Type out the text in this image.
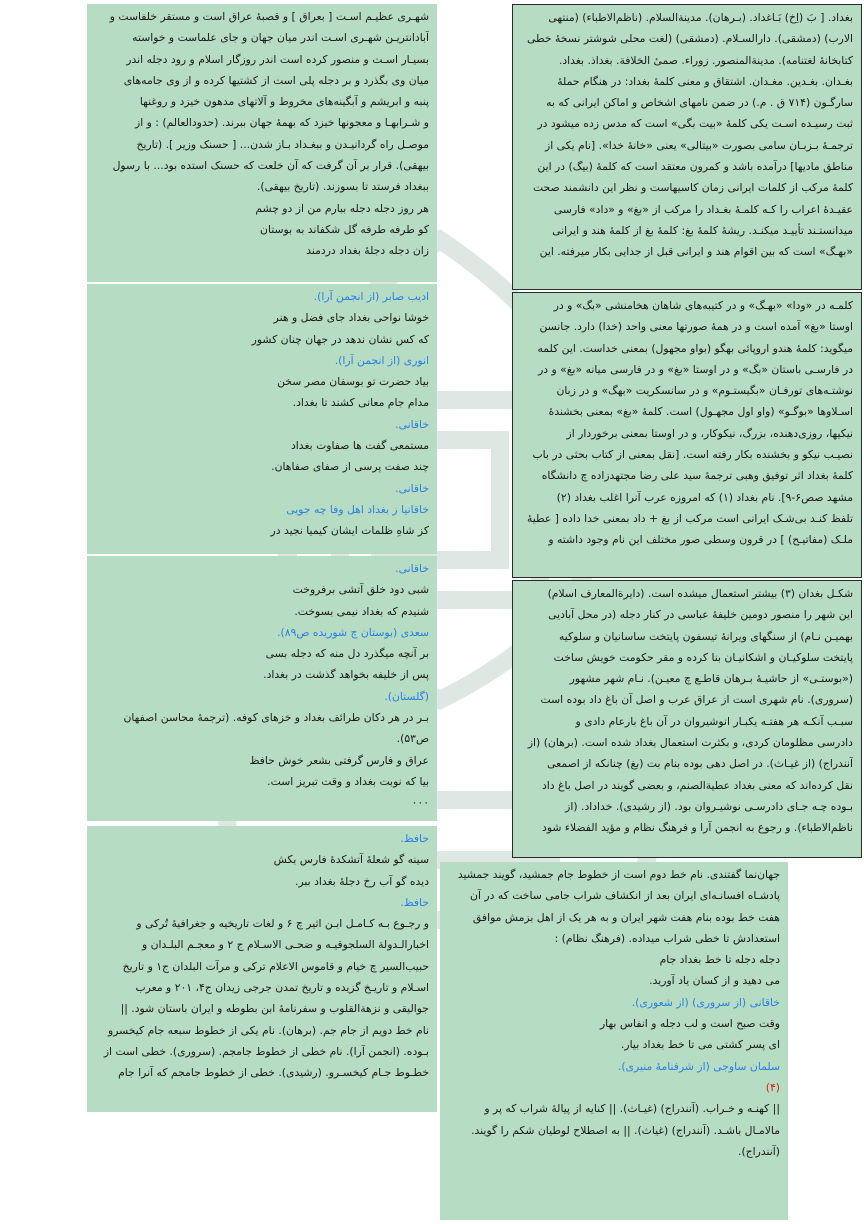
بغداد. [ بَ (اِخ) بَـاغداد. (بـرهان). مدینةالسلام. (ناظم‌الاطباء) (منتهی
الارب) (دمشقی). دارالسـلام. (دمشقی) (لغت محلی شوشتر نسخهٔ خطی
کتابخانهٔ لغتنامه). مدینة‌المنصور. زوراء. صمیٔ الخلافة. بغداذ. بغداد.
بغـدان. بغـدین. مغـدان. اشتقاق و معنی کلمهٔ بغداد: در هنگام حملهٔ
سارگـون (۷۱۴ ق . م.) در ضمن نامهای اشخاص و اماکن ایرانی که به
ثبت رسیـده اسـت یکی کلمهٔ «بیت بگی» است که مدس زده میشود در
ترجمـهٔ بـزبـان سامی بصورت «بیتالی» یعنی «خانهٔ خدا». [نام یکی از
مناطق مادیها] درآمده باشد و کمرون معتقد است که کلمهٔ (بیگ) در این
کلمهٔ مرکب از کلمات ایرانی زمان کاسیهاست و نظر این دانشمند صحت
عقیـدهٔ اعراب را کـه کلمـهٔ بغـداد را مرکب از «بغ» و «داد» فارسی
میدانستـند تأییـد میکنـد. ریشهٔ کلمهٔ بغ: کلمهٔ بغ از کلمهٔ هند و ایرانی
«بهـگ» است که بین اقوام هند و ایرانی قبل از جدایی بکار میرفته. این
کلمـه در «ودا» «بهـگ» و در کتیبه‌های شاهان هخامنشی «بگ» و در
اوستا «بغ» آمده است و در همهٔ صورتها معنی واحد (خدا) دارد. جانسن
میگوید: کلمهٔ هندو اروپائی بهگو (بواو مجهول) بمعنی خداست. این کلمه
در فارسـی باستان «بگ» و در اوستا «بغ» و در فارسی میانه «بغ» و در
نوشتـه‌های تورفـان «بگیستـوم» و در سانسکریت «بهگ» و در زبان
اسـلاوها «بوگـو» (واو اول مجهـول) است. کلمهٔ «بغ» بمعنی بخشندهٔ
نیکیها، روزی‌دهنده، بزرگ، نیکوکار، و در اوستا بمعنی برخوردار از
نصیـب نیکو و بخشنده بکار رفته است. [نقل بمعنی از کتاب بحثی در باب
کلمهٔ بغداد اثر توفیق وهبی ترجمهٔ سید علی رضا مجتهدزاده چ دانشگاه
مشهد صص۶-۹]. نام بغداد (۱) که امروزه عرب آنرا اغلب بغداد (۲)
تلفظ کنـد بی‌شـک ایرانی است مرکب از بغ + داد بمعنی خدا داده [ عطیهٔ
ملـک (مفاتیـح) ] در قرون وسطی صور مختلف این نام وجود داشته و
شکـل بغدان (۳) بیشتر استعمال میشده است. (دایرة‌المعارف اسلام)
این شهر را منصور دومین خلیفهٔ عباسی در کنار دجله (در محل آبادیی
بهمیـن نـام) از سنگهای ویرانهٔ تیسفون پایتخت ساسانیان و سلوکیه
پایتخت سلوکیـان و اشکانیـان بنا کرده و مقر حکومت خویش ساخت
(«بوستـی» از حاشیـهٔ بـرهان قاطـع چ معیـن). نـام شهر مشهور
(سروری). نام شهری است از عراق عرب و اصل آن باغ داد بوده است
سبـب آنکـه هر هفتـه یکبـار انوشیروان در آن باغ بارعام دادی و
دادرسی مظلومان کردی، و بکثرت استعمال بغداد شده است. (برهان) (از
آنندراج) (از غیـاث). در اصل دهی بوده بنام بت (بغ) چنانکه از اصمعی
نقل کرده‌اند که معنی بغداد عطیة‌الصنم، و بعضی گویند در اصل باغ داد
بـوده چـه جـای دادرسـی نوشیـروان بود. (از رشیدی). خداداد. (از
ناظم‌الاطباء). و رجوع به انجمن آرا و فرهنگ نظام و مؤید الفضلاء شود
شهـری عظیـم اسـت [ بعراق ] و قصبهٔ عراق است و مستقر خلفاست و
آبادانتریـن شهـری اسـت اندر میان جهان و جای علماست و خواسته
بسیـار اسـت و منصور کرده است اندر روزگار اسلام و رود دجله اندر
میان وی بگذرد و بر دجله پلی است از کشتیها کرده و از وی جامه‌های
پنبه و ابریشم و آبگینه‌های مخروط و آلاتهای مدهون خیزد و روغنها
و شـرابهـا و معجونها خیزد که بهمهٔ جهان ببرند. (حدودالعالم) : و از
موصـل راه گردانیـدن و ببغـداد بـاز شدن... [ حسنک وزیر ]. (تاریخ
بیهقی). قرار بر آن گرفت که آن خلعت که حسنک استده بود... با رسول
ببغداد فرستد تا بسوزند. (تاریخ بیهقی).
هر روز دجله دجله ببارم من از دو چشم
کو طرفه طرفه گل شکفاند به بوستان
زان دجله دجلهٔ بغداد دردمند
ادیب صابر (از انجمن آرا).
خوشا نواحی بغداد جای فضل و هنر
که کس نشان ندهد در جهان چنان کشور
انوری (از انجمن آرا).
بیاد حضرت تو بوسفان مصر سخن
مدام جام معانی کشند تا بغداد.
خاقانی.
مستمعی گفت ها صفاوت بغداد
چند صفت پرسی از صفای صفاهان.
خاقانی.
خاقانیا ز بغداد اهل وفا چه جویی
کز شاهِ ظلمات ایشان کیمیا نجید در
خاقانی.
شبی دود خلق آتشی برفروخت
شنیدم که بغداد نیمی بسوخت.
سعدی (بوستان چ شوریده ص۸۹).
بر آنچه میگذرد دل منه که دجله بسی
پس از خلیفه بخواهد گذشت در بغداد.
(گلستان).
بـر در هر دکان طرائف بغداد و خزهای کوفه. (ترجمهٔ محاسن اصفهان
ص۵۳).
عراق و فارس گرفتی بشعر خوش حافظ
بیا که نوبت بغداد و وقت تبریز است.
۰۰۰
حافظ.
سینه گو شعلهٔ آتشکدهٔ فارس بکش
دیده گو آب رخ دجلهٔ بغداد ببر.
حافظ.
و رجـوع بـه کـامـل ابـن اثیر چ ۶ و لغات تاریخیه و جغرافیهٔ تُرکی و
اخبارالـدولة السلجوقیـه و ضحـی الاسـلام ج ۲ و معجـم البلـدان و
حبیب‌السیر چ خیام و قاموس الاعلام ترکی و مرآت البلدان ج۱ و تاریخ
اسـلام و تاریـخ گزیده و تاریخ تمدن جرجی زیدان ج۴، ۲۰۱ و معرب
جوالیقی و نزهة‌القلوب و سفرنامهٔ ابن بطوطه و ایران باستان شود. ||
نام خط دویم از جام جم. (برهان). نام یکی از خطوط سبعه جام کیخسرو
بـوده. (انجمن آرا). نام خطی از خطوط جامجم. (سروری). خطی است از
خطـوط جـام کیخسـرو. (رشیدی). خطی از خطوط جامجم که آنرا جام
جهان‌نما گفتندی. نام خط دوم است از خطوط جام جمشید، گویند جمشید
پادشـاه افسانـه‌ای ایران بعد از انکشاف شراب جامی ساخت که در آن
هفت خط بوده بنام هفت شهر ایران و به هر یک از اهل بزمش موافق
استعدادش تا خطی شراب میداده. (فرهنگ نظام) :
دجله دجله تا خط بغداد جام
می دهید و از کسان یاد آورید.
خاقانی (از سروری) (از شعوری).
وقت صبح است و لب دجله و انفاس بهار
ای پسر کشتی می تا خط بغداد بیار.
سلمان ساوجی (از شرفنامهٔ منیری).
(۴)
|| کهنـه و خـراب. (آنندراج) (غیـاث). || کنایه از پیالهٔ شراب که پر و
مالامـال باشـد. (آنندراج) (غیاث). || به اصطلاح لوطیان شکم را گویند.
(آنندراج).
